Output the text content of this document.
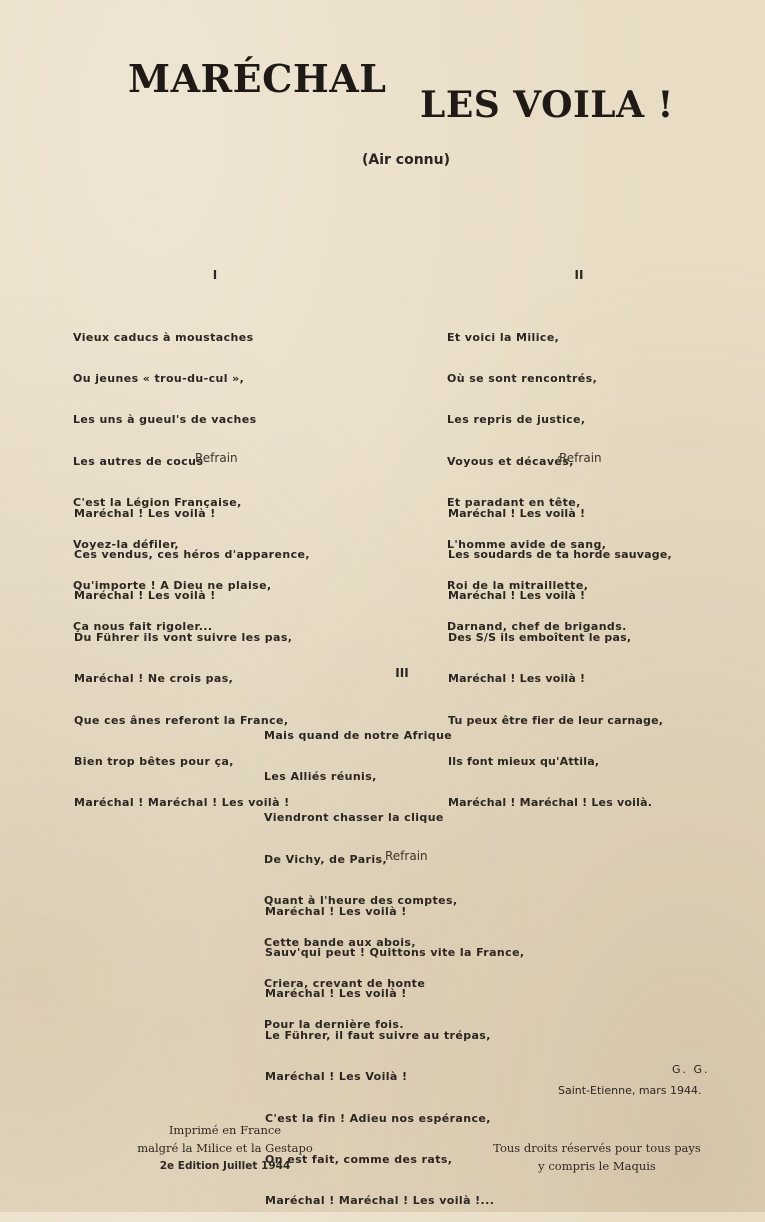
MARÉCHAL
LES VOILA !
(Air connu)
I

Vieux caducs à moustaches

Ou jeunes « trou-du-cul »,

Les uns à gueul's de vaches

Les autres de cocus

C'est la Légion Française,

Voyez-la défiler,

Qu'importe ! A Dieu ne plaise,

Ça nous fait rigoler...

II

Et voici la Milice,

Où se sont rencontrés,

Les repris de justice,

Voyous et décavés,

Et paradant en tête,

L'homme avide de sang,

Roi de la mitraillette,

Darnand, chef de brigands.

Refrain

Maréchal ! Les voilà !

Ces vendus, ces héros d'apparence,

Maréchal ! Les voilà !

Du Führer ils vont suivre les pas,

Maréchal ! Ne crois pas,

Que ces ânes referont la France,

Bien trop bêtes pour ça,

Maréchal ! Maréchal ! Les voilà !

Refrain

Maréchal ! Les voilà !

Les soudards de ta horde sauvage,

Maréchal ! Les voilà !

Des S/S ils emboîtent le pas,

Maréchal ! Les voilà !

Tu peux être fier de leur carnage,

Ils font mieux qu'Attila,

Maréchal ! Maréchal ! Les voilà.

III

Mais quand de notre Afrique

Les Alliés réunis,

Viendront chasser la clique

De Vichy, de Paris,

Quant à l'heure des comptes,

Cette bande aux abois,

Criera, crevant de honte

Pour la dernière fois.

Refrain

Maréchal ! Les voilà !

Sauv'qui peut ! Quittons vite la France,

Maréchal ! Les voilà !

Le Führer, il faut suivre au trépas,

Maréchal ! Les Voilà !

C'est la fin ! Adieu nos espérance,

On est fait, comme des rats,

Maréchal ! Maréchal ! Les voilà !...

G. G.
Saint-Etienne, mars 1944.
Imprimé en France
malgré la Milice et la Gestapo
2e Edition Juillet 1944
Tous droits réservés pour tous pays
y compris le Maquis
